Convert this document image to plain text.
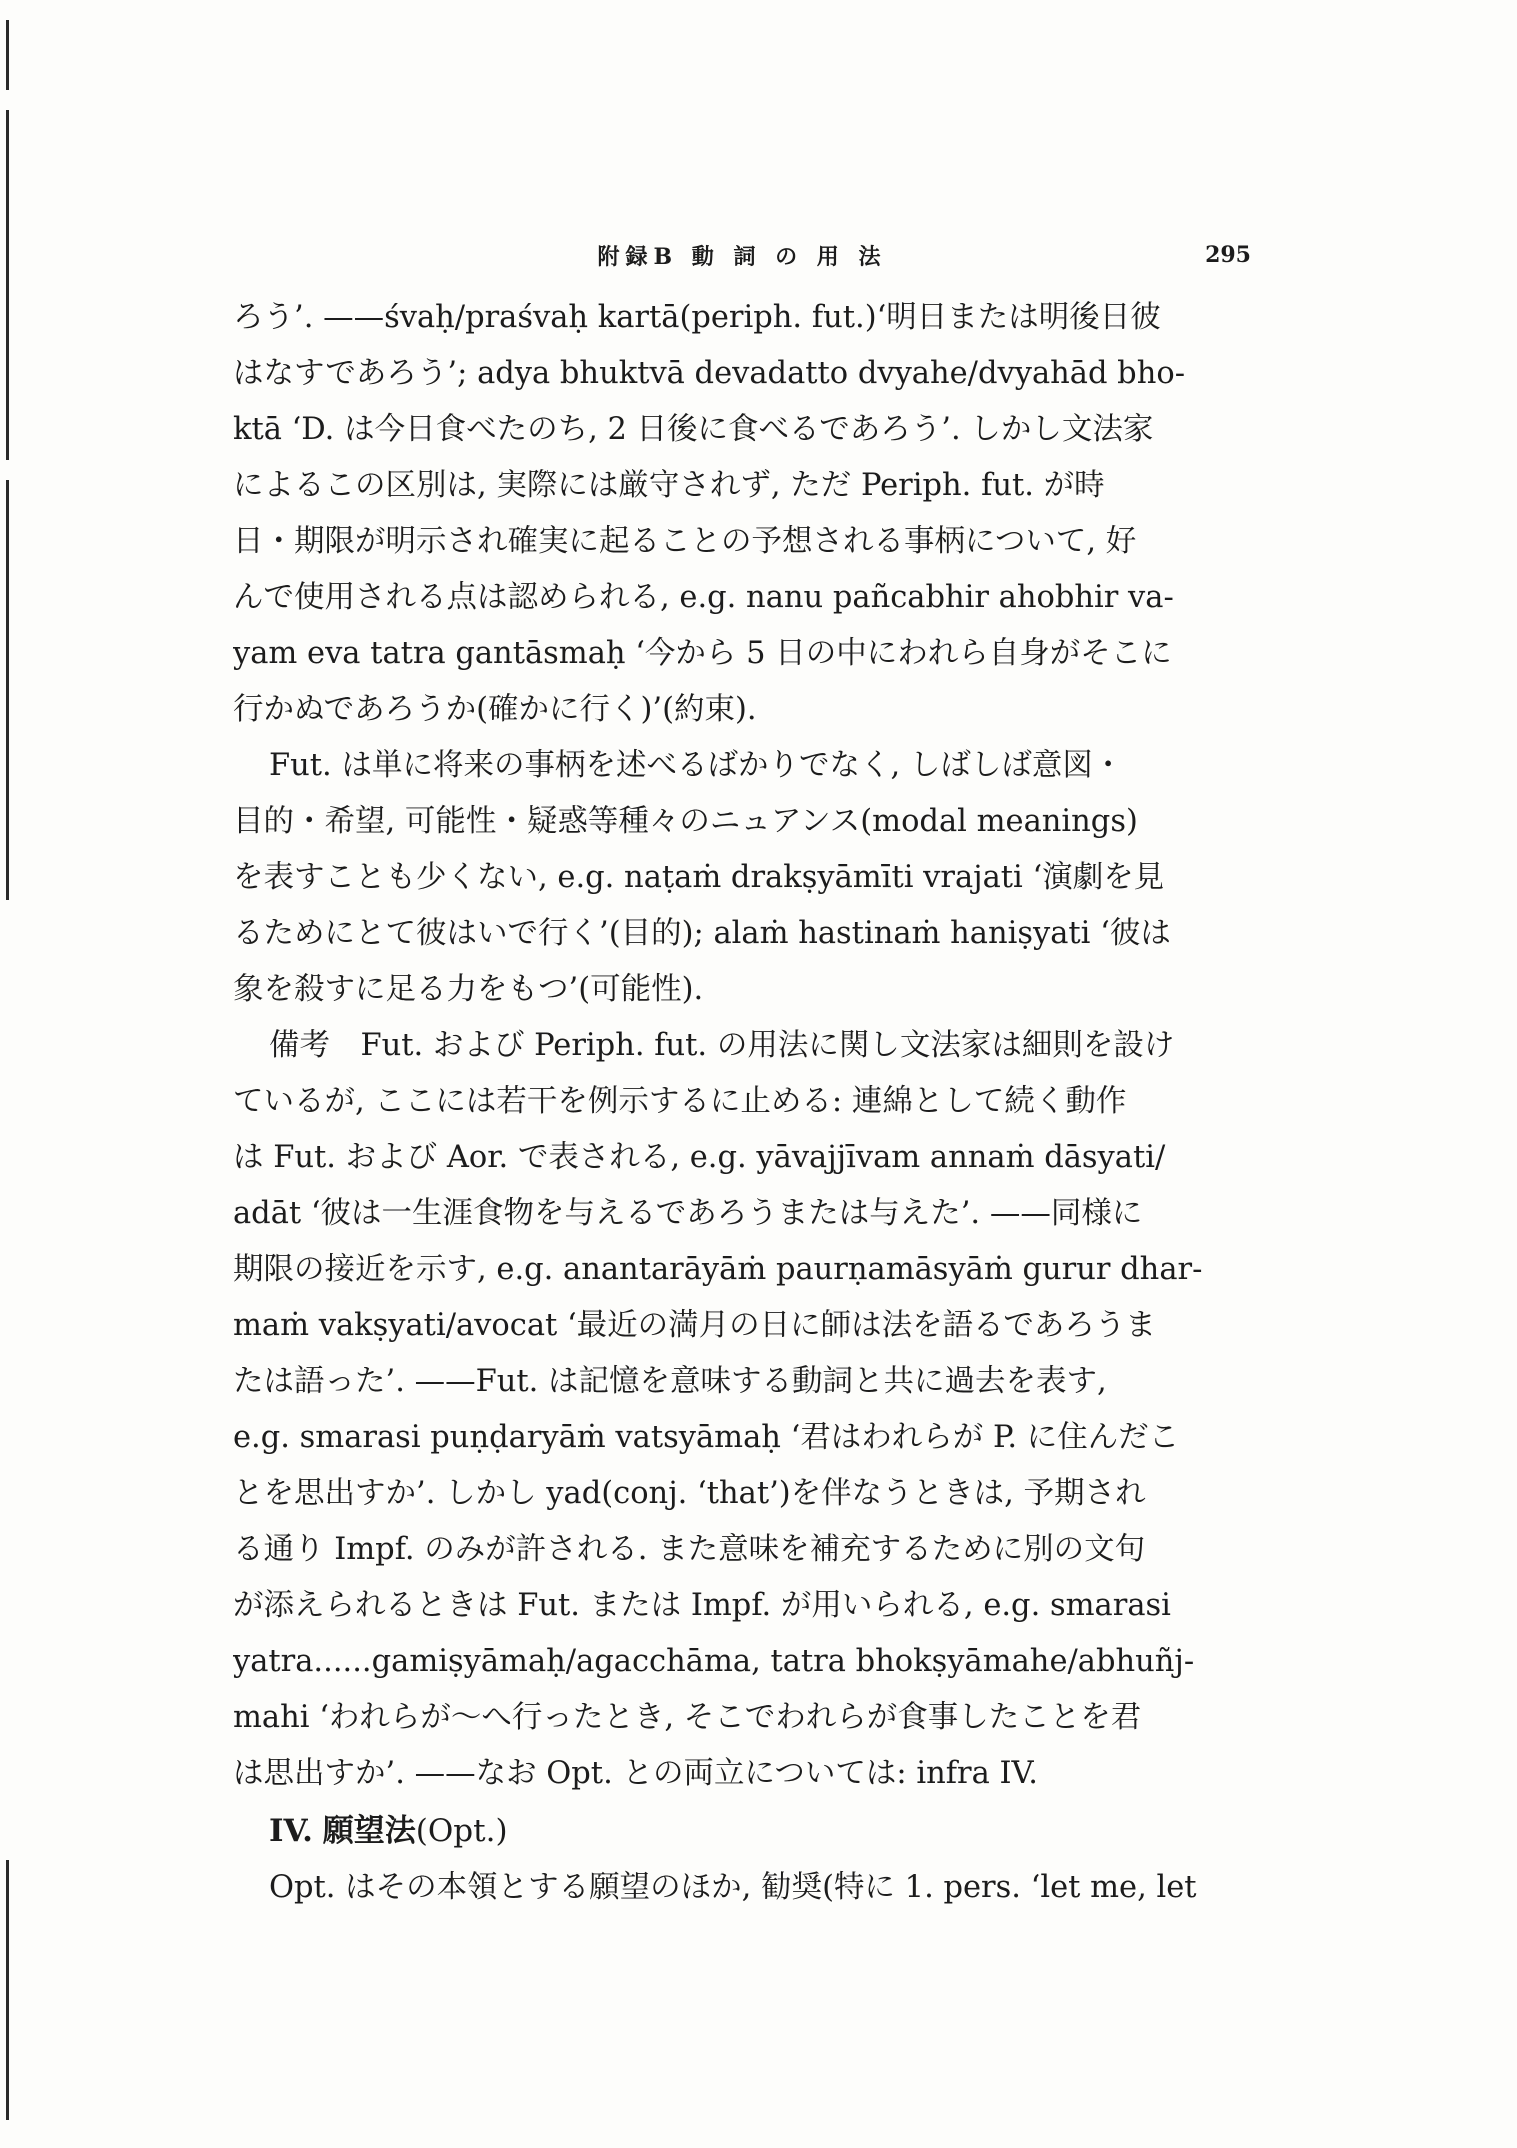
附録B 動 詞 の 用 法	295
ろう’. ——śvaḥ/praśvaḥ kartā(periph. fut.)‘明日または明後日彼
はなすであろう’; adya bhuktvā devadatto dvyahe/dvyahād bho-
ktā ‘D. は今日食べたのち, 2 日後に食べるであろう’. しかし文法家
によるこの区別は, 実際には厳守されず, ただ Periph. fut. が時
日・期限が明示され確実に起ることの予想される事柄について, 好
んで使用される点は認められる, e.g. nanu pañcabhir ahobhir va-
yam eva tatra gantāsmaḥ ‘今から 5 日の中にわれら自身がそこに
行かぬであろうか(確かに行く)’(約束).
Fut. は単に将来の事柄を述べるばかりでなく, しばしば意図・
目的・希望, 可能性・疑惑等種々のニュアンス(modal meanings)
を表すことも少くない, e.g. naṭaṁ drakṣyāmīti vrajati ‘演劇を見
るためにとて彼はいで行く’(目的); alaṁ hastinaṁ haniṣyati ‘彼は
象を殺すに足る力をもつ’(可能性).
備考　Fut. および Periph. fut. の用法に関し文法家は細則を設け
ているが, ここには若干を例示するに止める: 連綿として続く動作
は Fut. および Aor. で表される, e.g. yāvajjīvam annaṁ dāsyati/
adāt ‘彼は一生涯食物を与えるであろうまたは与えた’. ——同様に
期限の接近を示す, e.g. anantarāyāṁ paurṇamāsyāṁ gurur dhar-
maṁ vakṣyati/avocat ‘最近の満月の日に師は法を語るであろうま
たは語った’. ——Fut. は記憶を意味する動詞と共に過去を表す,
e.g. smarasi puṇḍaryāṁ vatsyāmaḥ ‘君はわれらが P. に住んだこ
とを思出すか’. しかし yad(conj. ‘that’)を伴なうときは, 予期され
る通り Impf. のみが許される. また意味を補充するために別の文句
が添えられるときは Fut. または Impf. が用いられる, e.g. smarasi
yatra......gamiṣyāmaḥ/agacchāma, tatra bhokṣyāmahe/abhuñj-
mahi ‘われらが～へ行ったとき, そこでわれらが食事したことを君
は思出すか’. ——なお Opt. との両立については: infra IV.
IV. 願望法(Opt.)
Opt. はその本領とする願望のほか, 勧奨(特に 1. pers. ‘let me, let
